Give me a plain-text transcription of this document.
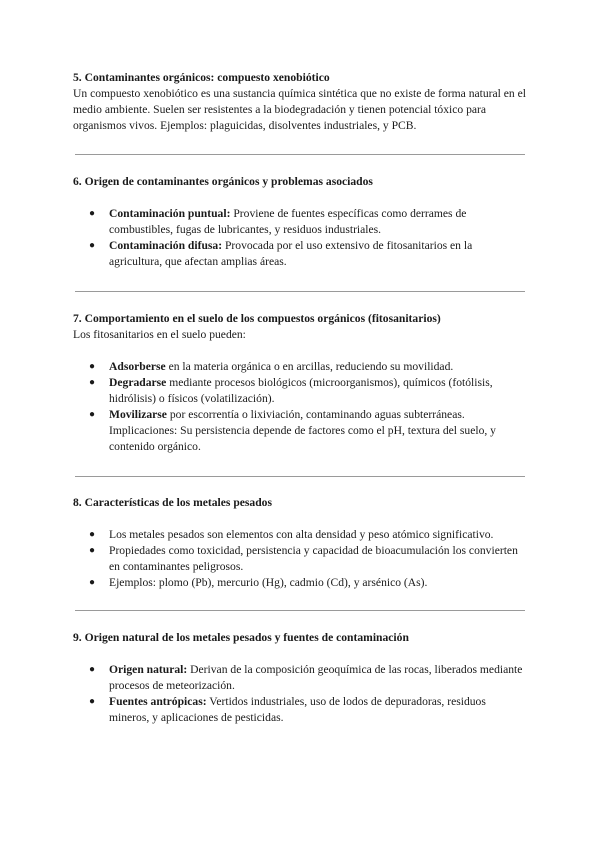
5. Contaminantes orgánicos: compuesto xenobiótico

Un compuesto xenobiótico es una sustancia química sintética que no existe de forma natural en el medio ambiente. Suelen ser resistentes a la biodegradación y tienen potencial tóxico para organismos vivos. Ejemplos: plaguicidas, disolventes industriales, y PCB.

6. Origen de contaminantes orgánicos y problemas asociados
● Contaminación puntual: Proviene de fuentes específicas como derrames de combustibles, fugas de lubricantes, y residuos industriales.
● Contaminación difusa: Provocada por el uso extensivo de fitosanitarios en la agricultura, que afectan amplias áreas.
7. Comportamiento en el suelo de los compuestos orgánicos (fitosanitarios)

Los fitosanitarios en el suelo pueden:

● Adsorberse en la materia orgánica o en arcillas, reduciendo su movilidad.
● Degradarse mediante procesos biológicos (microorganismos), químicos (fotólisis, hidrólisis) o físicos (volatilización).
● Movilizarse por escorrentía o lixiviación, contaminando aguas subterráneas. Implicaciones: Su persistencia depende de factores como el pH, textura del suelo, y contenido orgánico.
8. Características de los metales pesados
● Los metales pesados son elementos con alta densidad y peso atómico significativo.
● Propiedades como toxicidad, persistencia y capacidad de bioacumulación los convierten en contaminantes peligrosos.
● Ejemplos: plomo (Pb), mercurio (Hg), cadmio (Cd), y arsénico (As).
9. Origen natural de los metales pesados y fuentes de contaminación
● Origen natural: Derivan de la composición geoquímica de las rocas, liberados mediante procesos de meteorización.
● Fuentes antrópicas: Vertidos industriales, uso de lodos de depuradoras, residuos mineros, y aplicaciones de pesticidas.
